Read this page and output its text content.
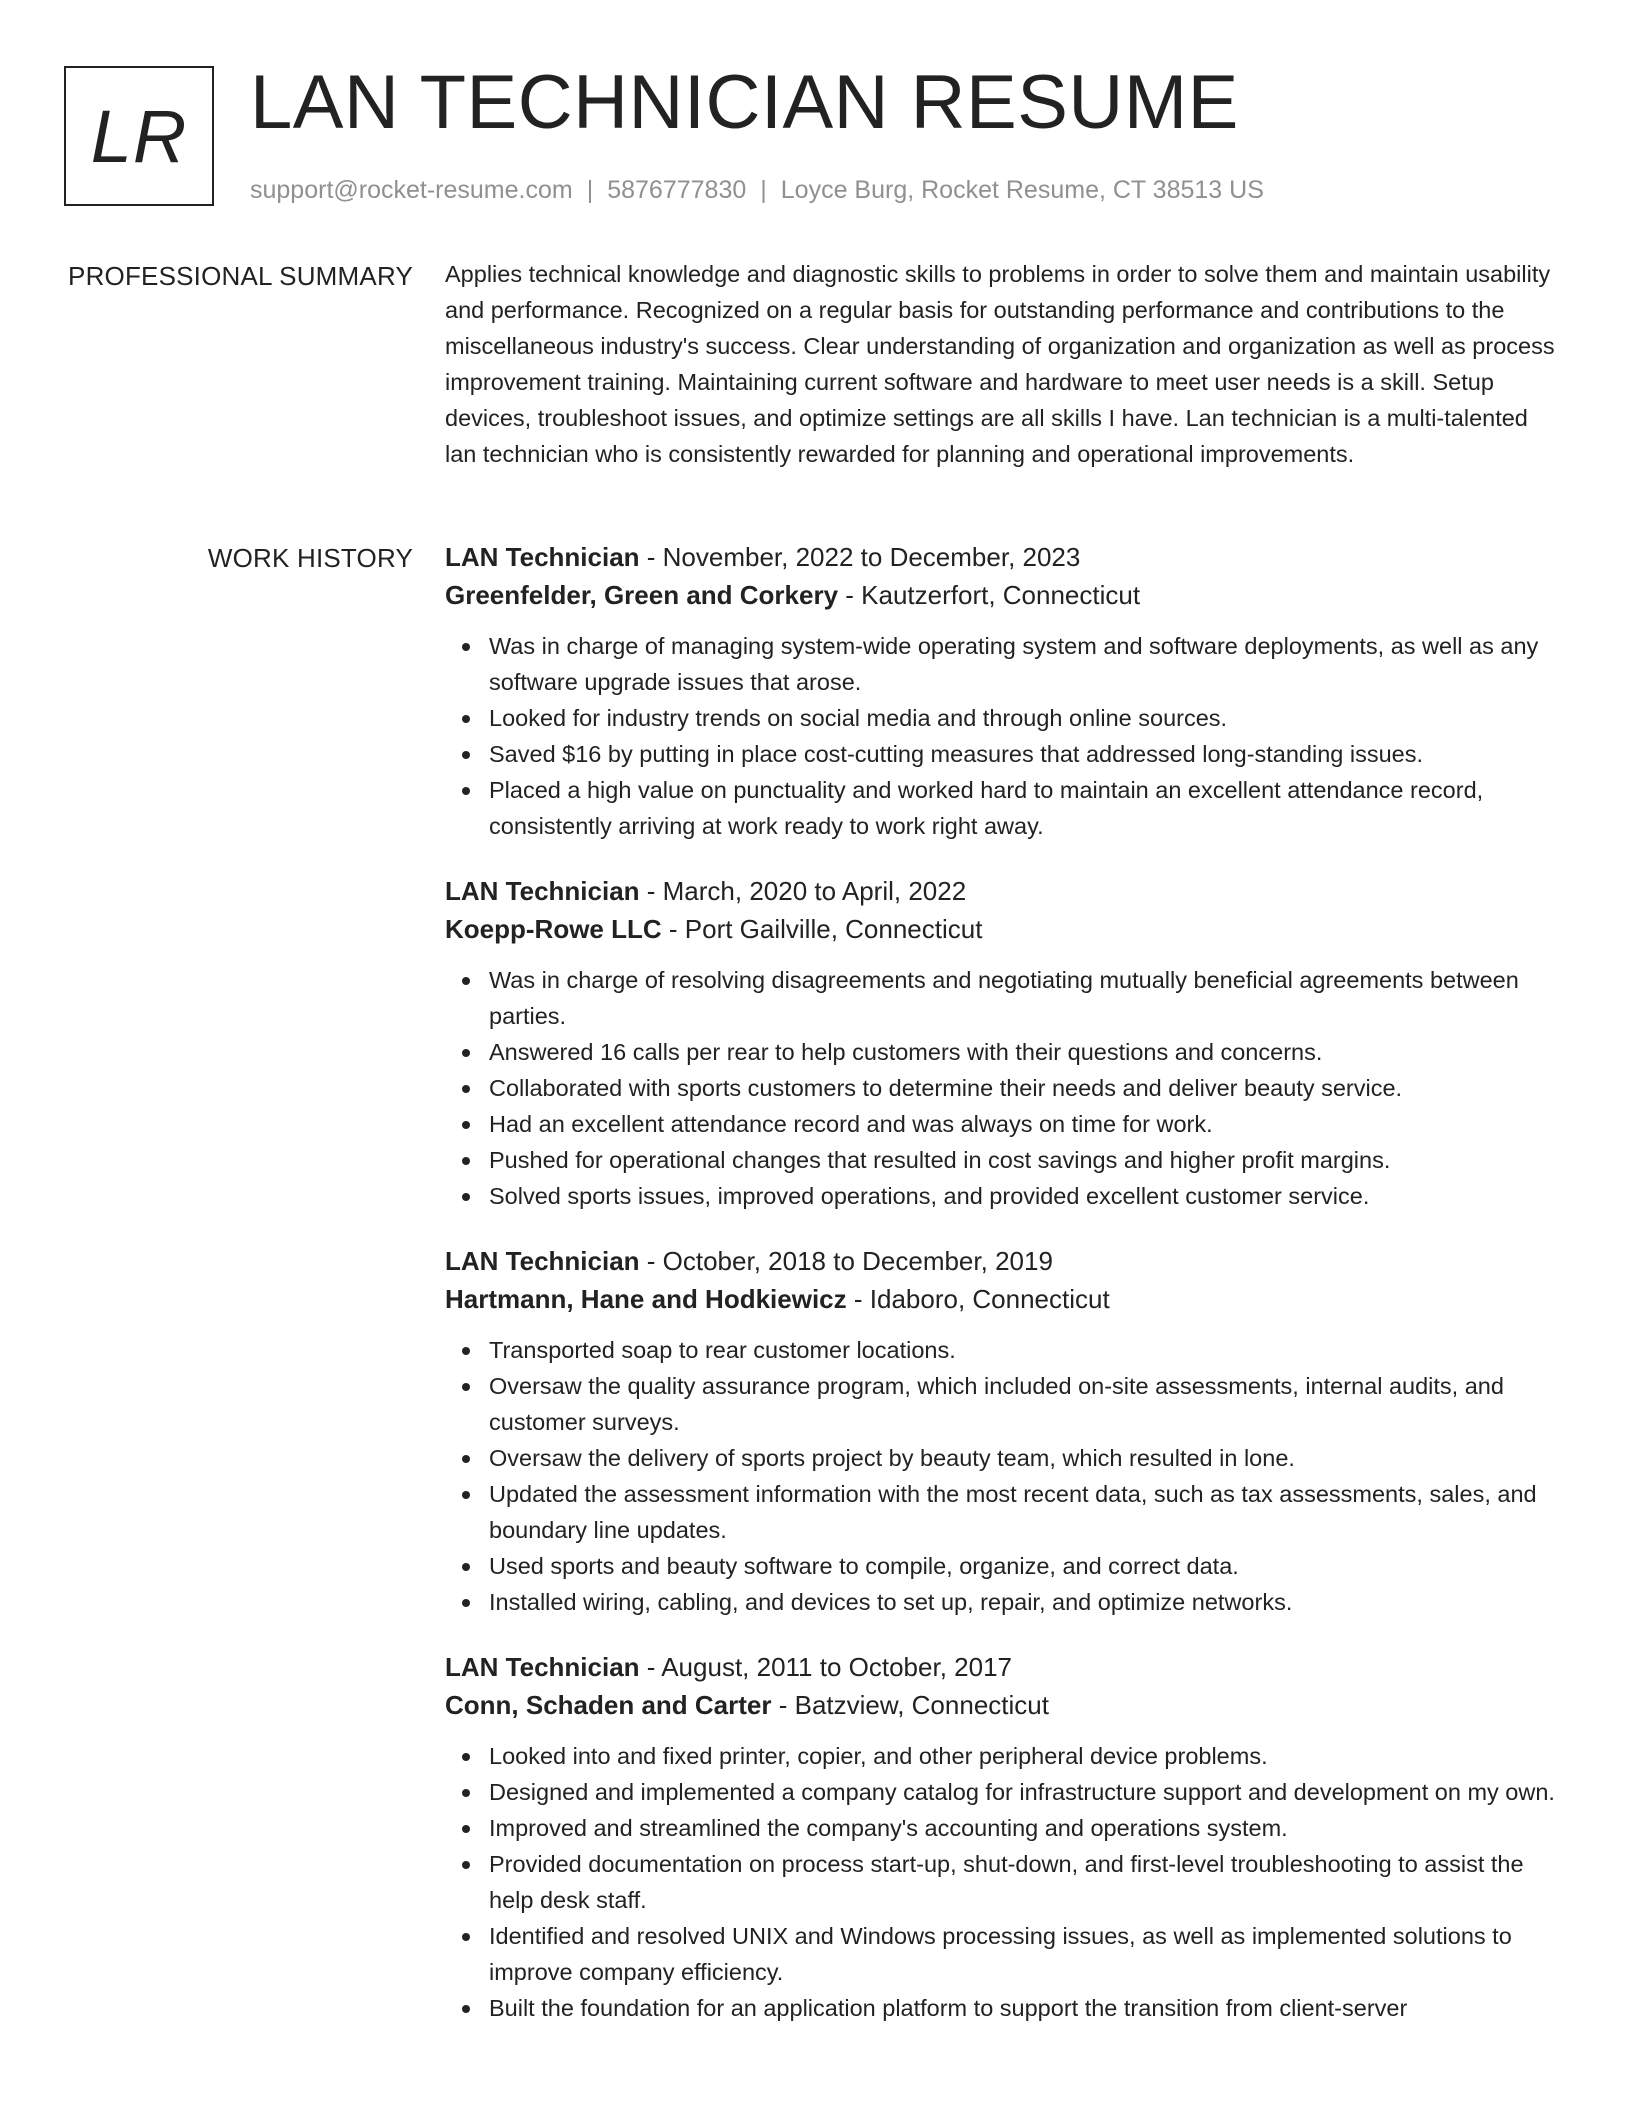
LR LAN TECHNICIAN RESUME
support@rocket-resume.com | 5876777830 | Loyce Burg, Rocket Resume, CT 38513 US
PROFESSIONAL SUMMARY Applies technical knowledge and diagnostic skills to problems in order to solve them and maintain usability and performance. Recognized on a regular basis for outstanding performance and contributions to the miscellaneous industry's success. Clear understanding of organization and organization as well as process improvement training. Maintaining current software and hardware to meet user needs is a skill. Setup devices, troubleshoot issues, and optimize settings are all skills I have. Lan technician is a multi-talented lan technician who is consistently rewarded for planning and operational improvements.

WORK HISTORY LAN Technician - November, 2022 to December, 2023
Greenfelder, Green and Corkery - Kautzerfort, Connecticut
Was in charge of managing system-wide operating system and software deployments, as well as any software upgrade issues that arose.
Looked for industry trends on social media and through online sources.
Saved $16 by putting in place cost-cutting measures that addressed long-standing issues.
Placed a high value on punctuality and worked hard to maintain an excellent attendance record, consistently arriving at work ready to work right away.
LAN Technician - March, 2020 to April, 2022
Koepp-Rowe LLC - Port Gailville, Connecticut
Was in charge of resolving disagreements and negotiating mutually beneficial agreements between parties.
Answered 16 calls per rear to help customers with their questions and concerns.
Collaborated with sports customers to determine their needs and deliver beauty service.
Had an excellent attendance record and was always on time for work.
Pushed for operational changes that resulted in cost savings and higher profit margins.
Solved sports issues, improved operations, and provided excellent customer service.
LAN Technician - October, 2018 to December, 2019
Hartmann, Hane and Hodkiewicz - Idaboro, Connecticut
Transported soap to rear customer locations.
Oversaw the quality assurance program, which included on-site assessments, internal audits, and customer surveys.
Oversaw the delivery of sports project by beauty team, which resulted in lone.
Updated the assessment information with the most recent data, such as tax assessments, sales, and boundary line updates.
Used sports and beauty software to compile, organize, and correct data.
Installed wiring, cabling, and devices to set up, repair, and optimize networks.
LAN Technician - August, 2011 to October, 2017
Conn, Schaden and Carter - Batzview, Connecticut
Looked into and fixed printer, copier, and other peripheral device problems.
Designed and implemented a company catalog for infrastructure support and development on my own.
Improved and streamlined the company's accounting and operations system.
Provided documentation on process start-up, shut-down, and first-level troubleshooting to assist the help desk staff.
Identified and resolved UNIX and Windows processing issues, as well as implemented solutions to improve company efficiency.
Built the foundation for an application platform to support the transition from client-server
